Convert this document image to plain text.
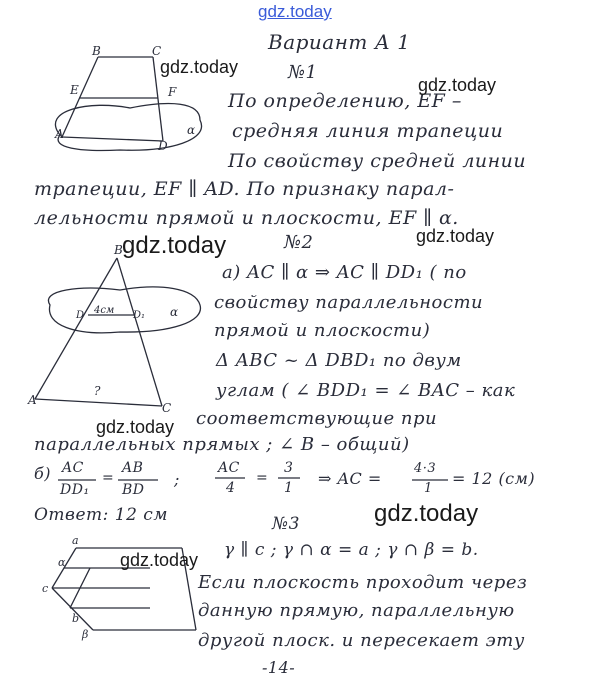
gdz.today
B	C
E	F
A
D
α
B
D 4см D₁ α
A
C
?
a
α
c
b
β
Вариант А 1
№1
По определению, EF –
средняя линия трапеции
По свойству средней линии
трапеции, EF ∥ AD. По признаку парал-
лельности прямой и плоскости, EF ∥ α.
№2
а) AC ∥ α ⇒ AC ∥ DD₁ ( по
свойству параллельности
прямой и плоскости)
Δ ABC ~ Δ DBD₁ по двум
углам ( ∠ BDD₁ = ∠ BAC – как
соответствующие при
параллельных прямых ; ∠ B – общий)
б) AC
DD₁
=
AB
BD
;
AC
4
=
3
1 ⇒ AC =
4·3
1
= 12 (см)
Ответ: 12 см	№3
γ ∥ c ; γ ∩ α = a ; γ ∩ β = b.
Если плоскость проходит через
данную прямую, параллельную
другой плоск. и пересекает эту
-14-
gdz.today
gdz.today
gdz.today	gdz.today
gdz.today
gdz.today
gdz.today
